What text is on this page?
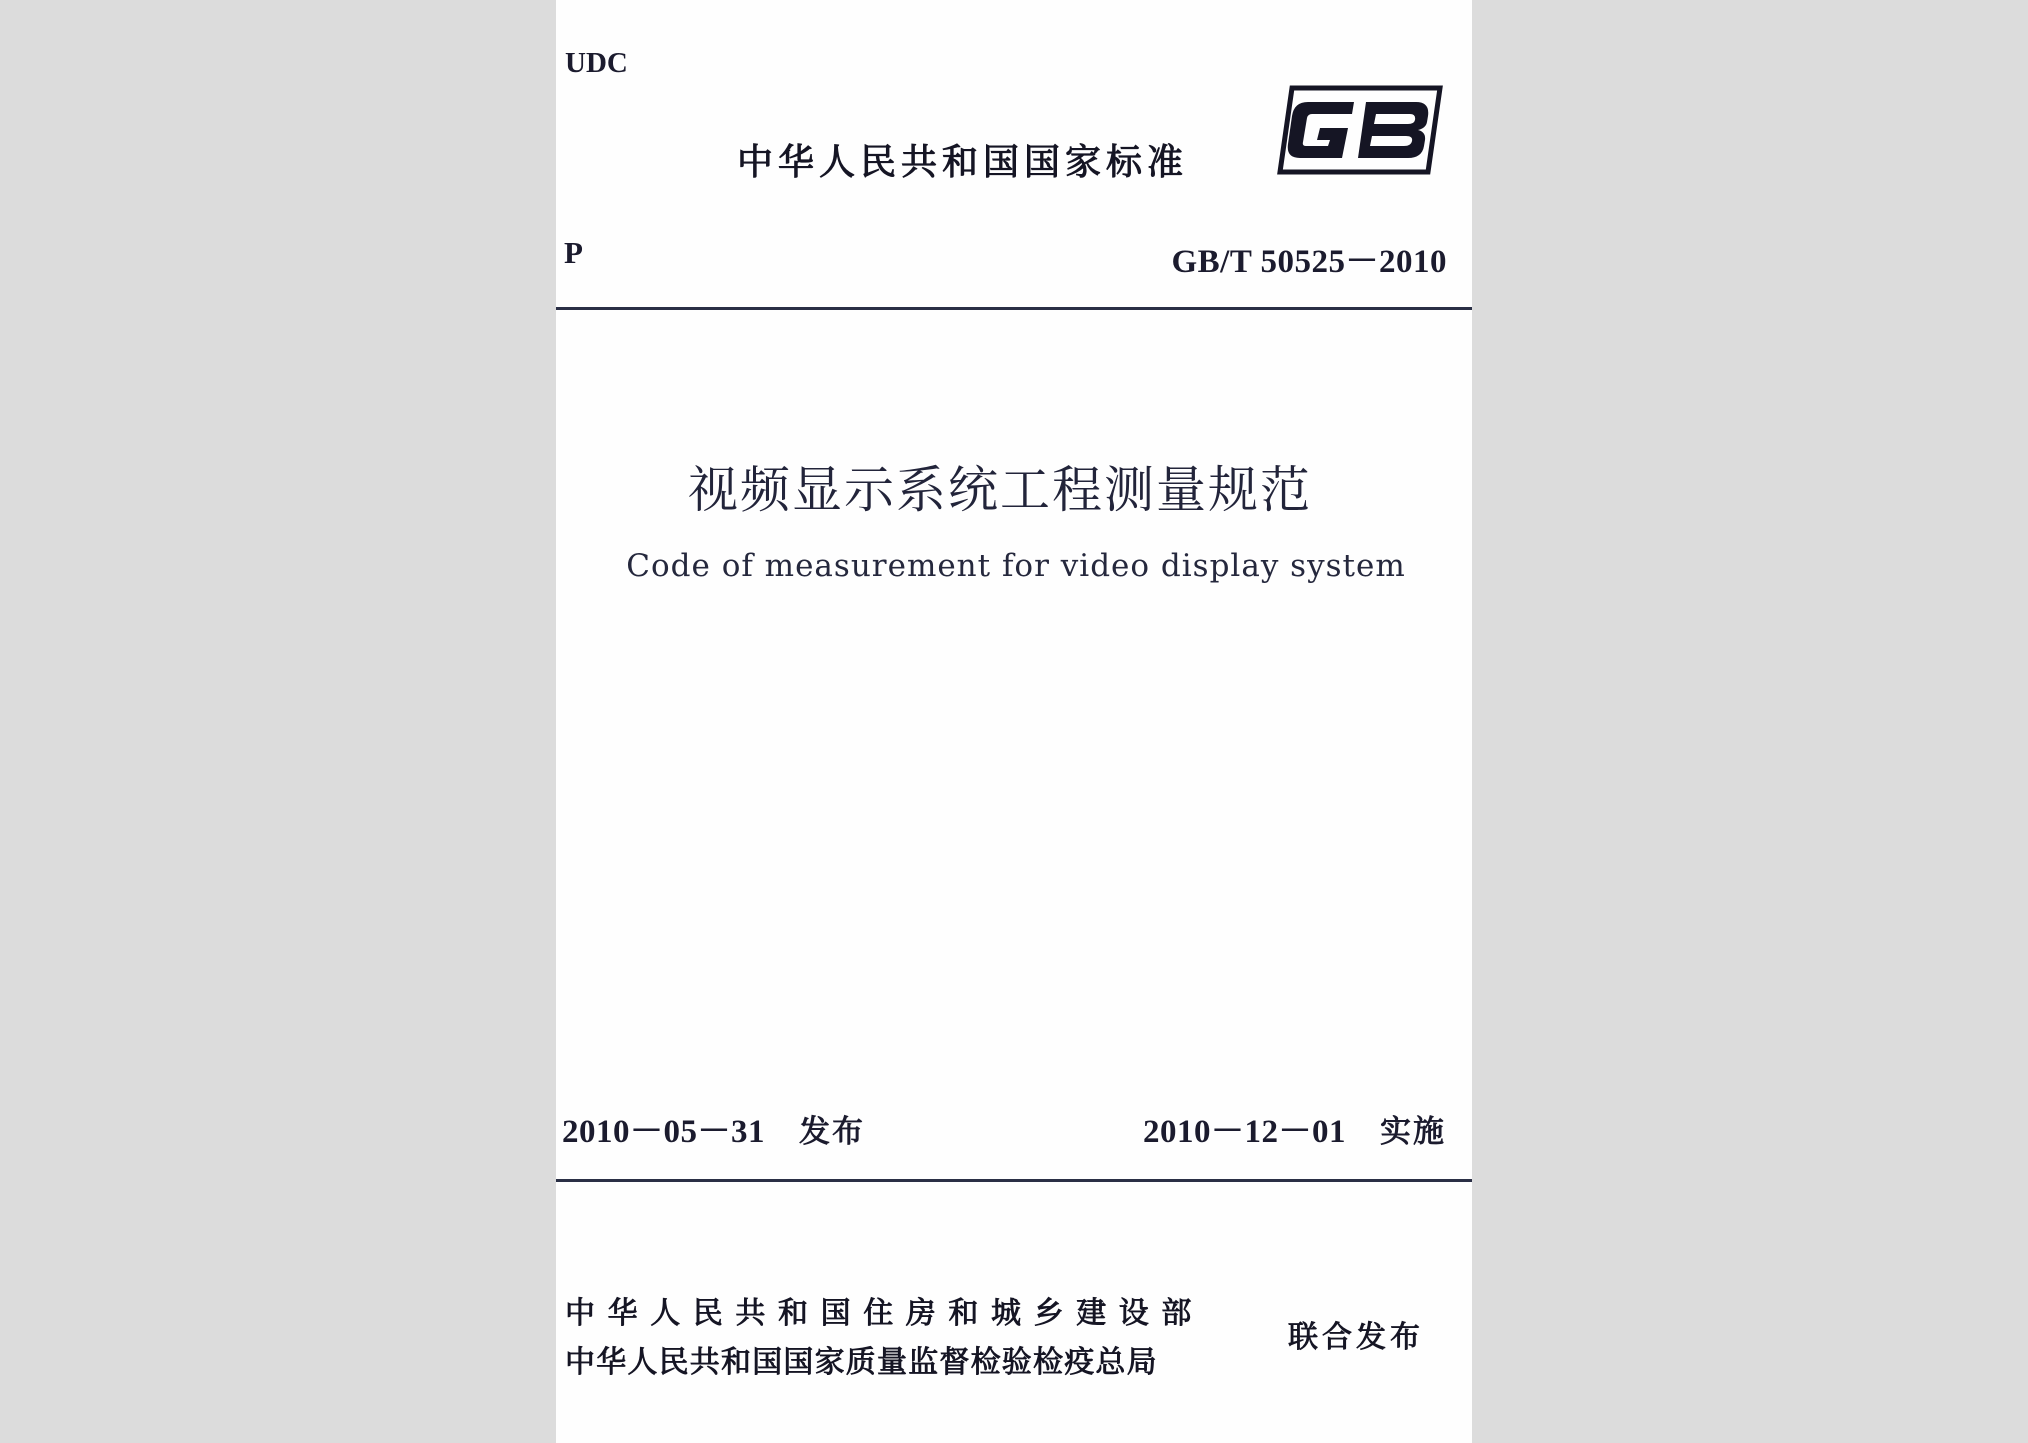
UDC
中华人民共和国国家标准
P	GB/T 50525－2010
视频显示系统工程测量规范
Code of measurement for video display system
2010－05－31 发布	2010－12－01 实施
中华人民共和国住房和城乡建设部
中华人民共和国国家质量监督检验检疫总局
联合发布
